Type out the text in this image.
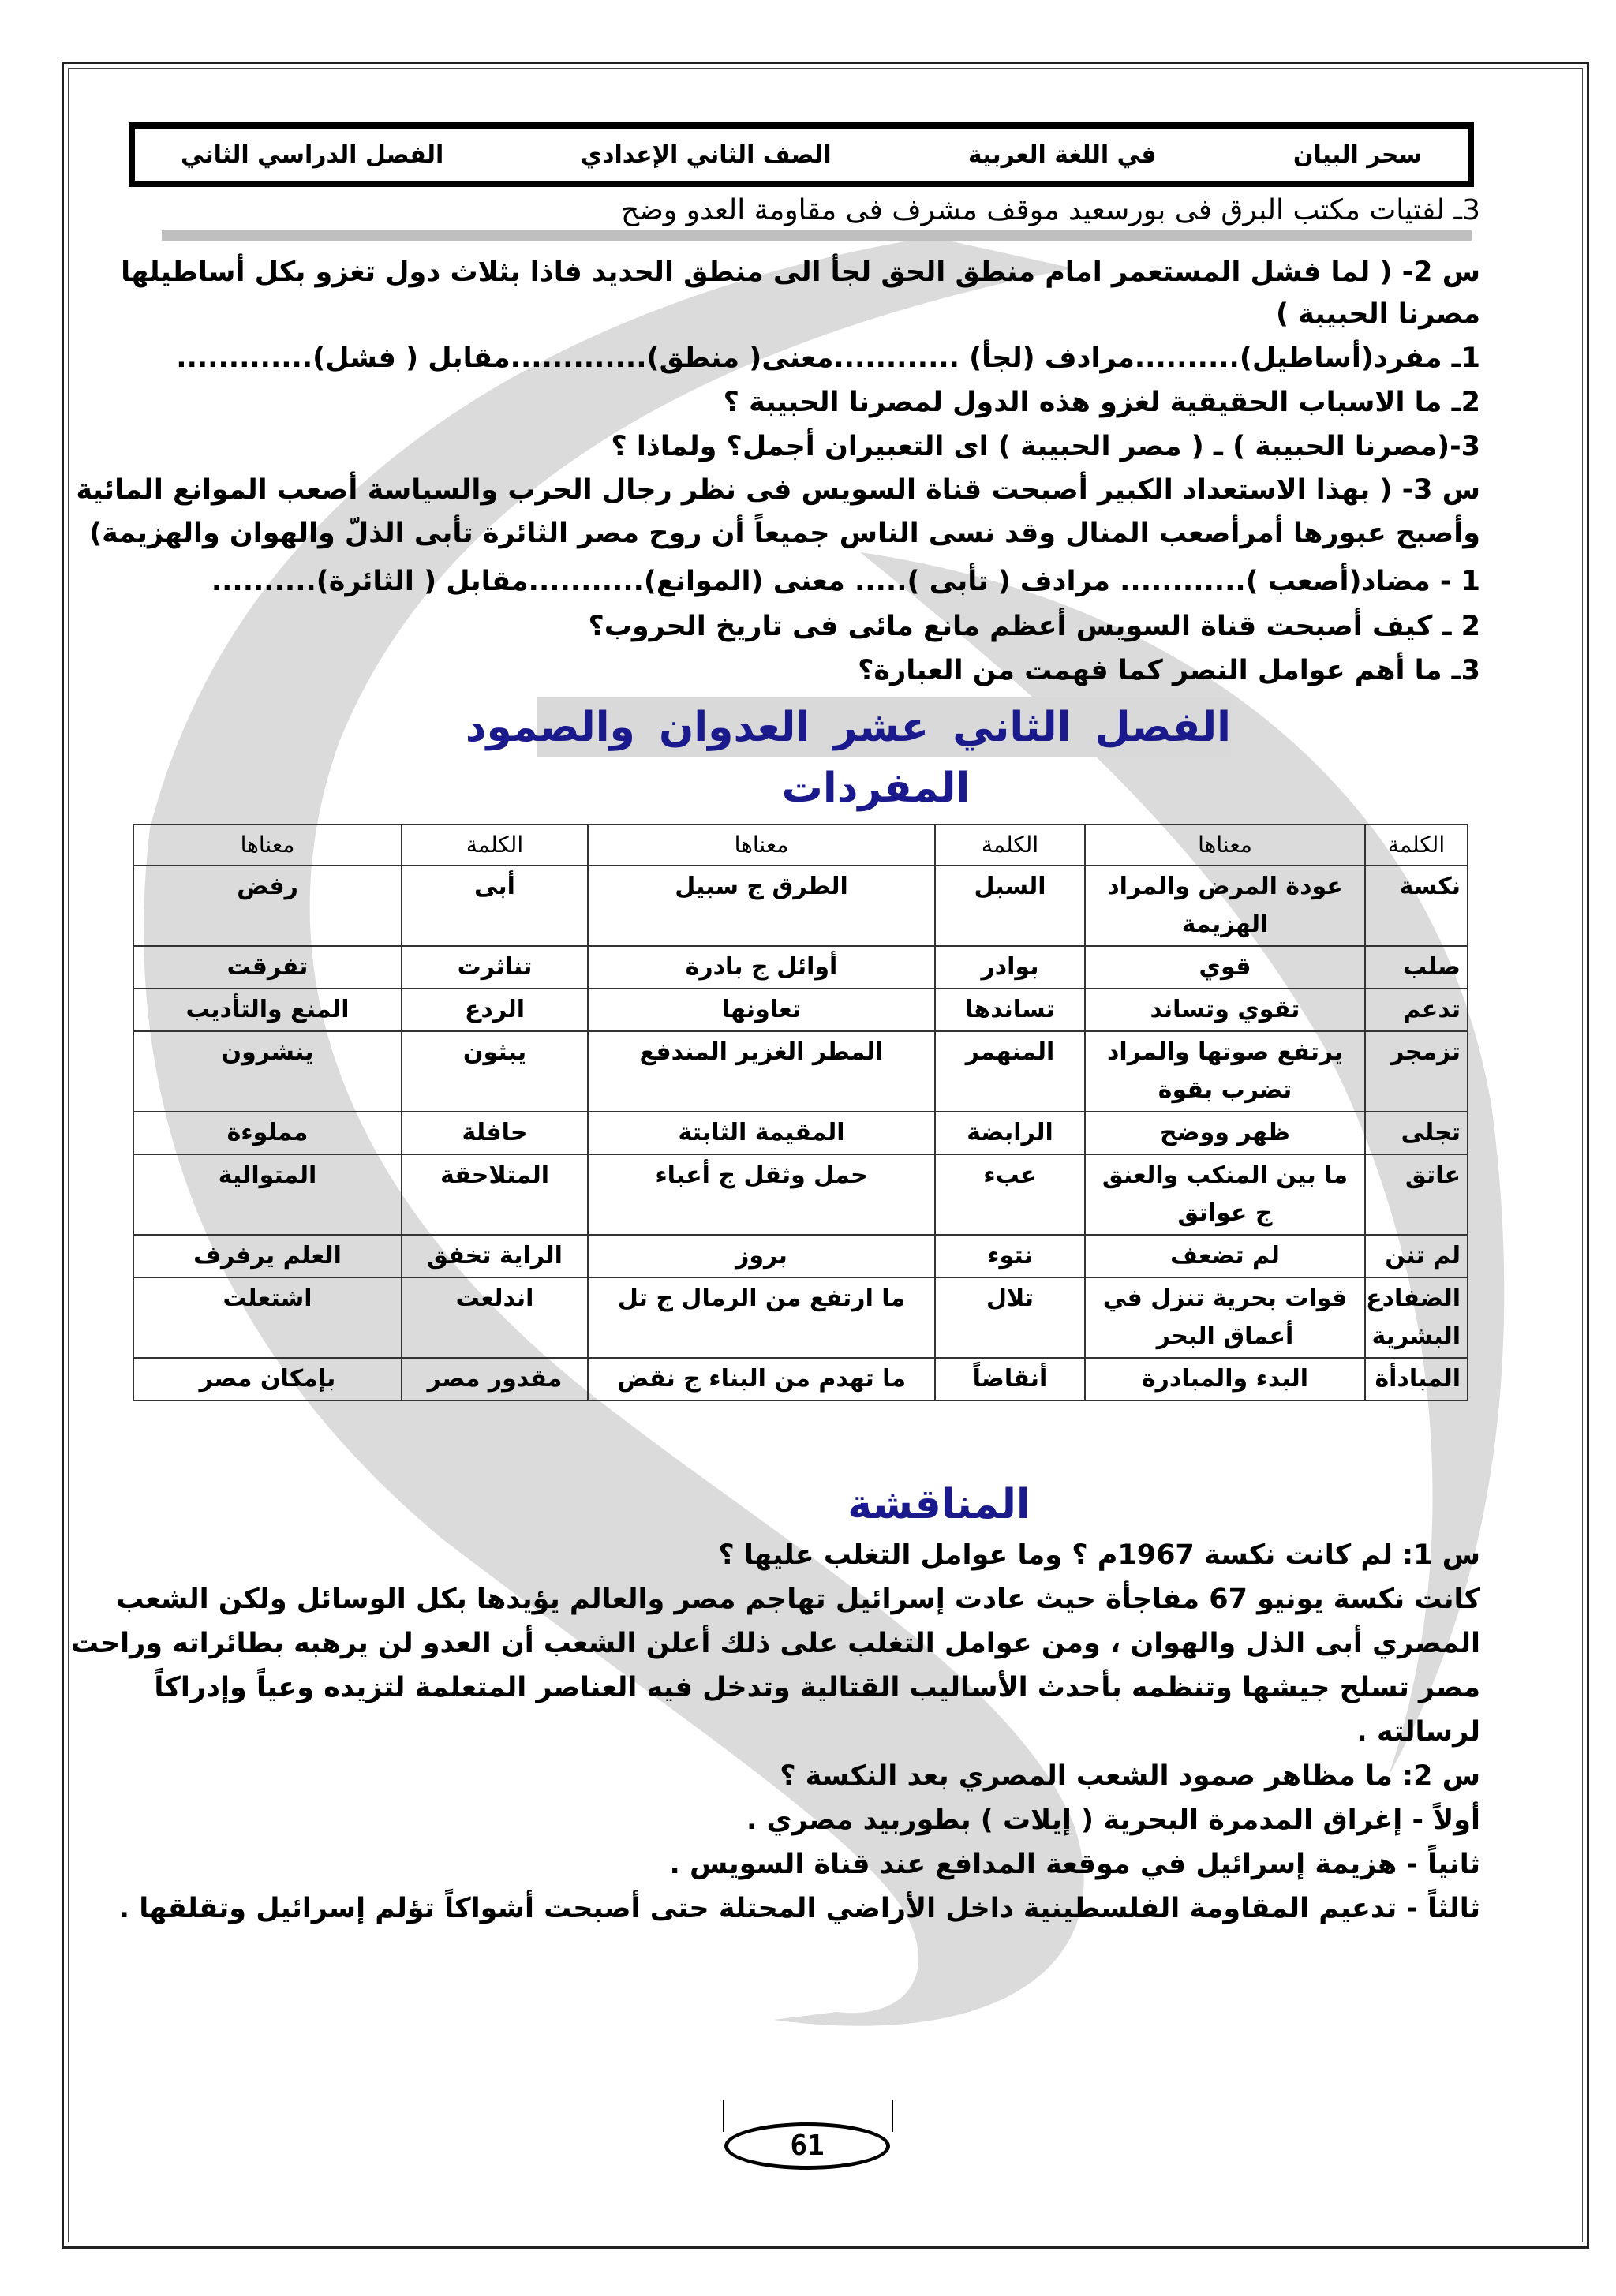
سحر البيان
في اللغة العربية
الصف الثاني الإعدادي
الفصل الدراسي الثاني
3ـ لفتيات مكتب البرق فى بورسعيد موقف مشرف فى مقاومة العدو وضح
س 2- ( لما فشل المستعمر امام منطق الحق لجأ الى منطق الحديد فاذا بثلاث دول تغزو بكل أساطيلها
مصرنا الحبيبة )
1ـ مفرد(أساطيل)..........مرادف (لجأ) ............معنى( منطق).............مقابل ( فشل).............
2ـ ما الاسباب الحقيقية لغزو هذه الدول لمصرنا الحبيبة ؟
3-(مصرنا الحبيبة ) ـ ( مصر الحبيبة ) اى التعبيران أجمل؟ ولماذا ؟
س 3- ( بهذا الاستعداد الكبير أصبحت قناة السويس فى نظر رجال الحرب والسياسة أصعب الموانع المائية
وأصبح عبورها أمرأصعب المنال وقد نسى الناس جميعاً أن روح مصر الثائرة تأبى الذلّ والهوان والهزيمة)
1 - مضاد(أصعب )............ مرادف ( تأبى )..... معنى (الموانع)...........مقابل ( الثائرة)..........
2 ـ كيف أصبحت قناة السويس أعظم مانع مائى فى تاريخ الحروب؟
3ـ ما أهم عوامل النصر كما فهمت من العبارة؟
الفصل الثاني عشر العدوان والصمود
المفردات
الكلمة	معناها	الكلمة	معناها	الكلمة	معناها
نكسة	عودة المرض والمراد الهزيمة	السبل	الطرق ج سبيل	أبى	رفض
صلب	قوي	بوادر	أوائل ج بادرة	تناثرت	تفرقت
تدعم	تقوي وتساند	تساندها	تعاونها	الردع	المنع والتأديب
تزمجر	يرتفع صوتها والمراد تضرب بقوة	المنهمر	المطر الغزير المندفع	يبثون	ينشرون
تجلى	ظهر ووضح	الرابضة	المقيمة الثابتة	حافلة	مملوءة
عاتق	ما بين المنكب والعنق ج عواتق	عبء	حمل وثقل ج أعباء	المتلاحقة	المتوالية
لم تنن	لم تضعف	نتوء	بروز	الراية تخفق	العلم يرفرف
الضفادع البشرية	قوات بحرية تنزل في أعماق البحر	تلال	ما ارتفع من الرمال ج تل	اندلعت	اشتعلت
المبادأة	البدء والمبادرة	أنقاضاً	ما تهدم من البناء ج نقض	مقدور مصر	بإمكان مصر
المناقشة
س 1: لم كانت نكسة 1967م ؟ وما عوامل التغلب عليها ؟
كانت نكسة يونيو 67 مفاجأة حيث عادت إسرائيل تهاجم مصر والعالم يؤيدها بكل الوسائل ولكن الشعب
المصري أبى الذل والهوان ، ومن عوامل التغلب على ذلك أعلن الشعب أن العدو لن يرهبه بطائراته وراحت
مصر تسلح جيشها وتنظمه بأحدث الأساليب القتالية وتدخل فيه العناصر المتعلمة لتزيده وعياً وإدراكاً
لرسالته .
س 2: ما مظاهر صمود الشعب المصري بعد النكسة ؟
أولاً - إغراق المدمرة البحرية ( إيلات ) بطوربيد مصري .
ثانياً - هزيمة إسرائيل في موقعة المدافع عند قناة السويس .
ثالثاً - تدعيم المقاومة الفلسطينية داخل الأراضي المحتلة حتى أصبحت أشواكاً تؤلم إسرائيل وتقلقها .
61
